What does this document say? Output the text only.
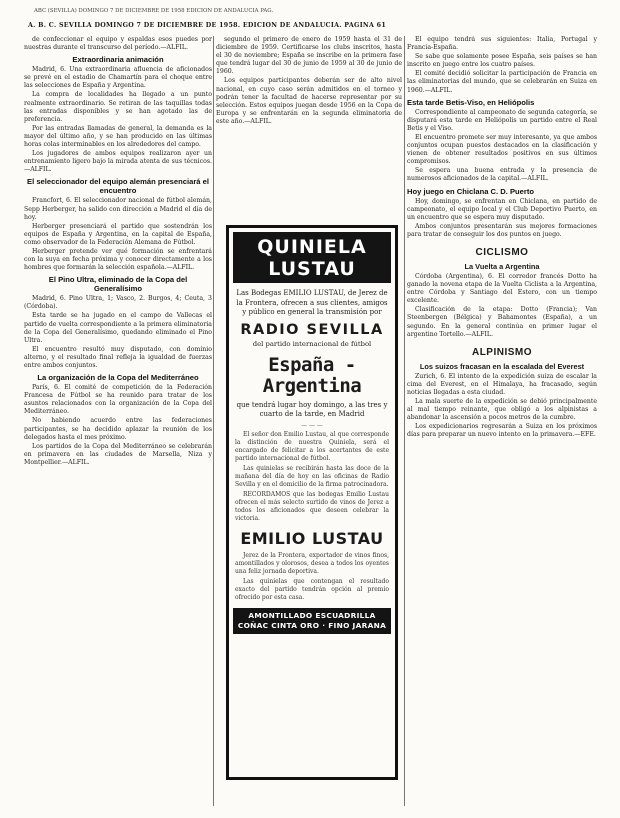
ABC (SEVILLA) DOMINGO 7 DE DICIEMBRE DE 1958 EDICION DE ANDALUCIA PAG.
A. B. C. SEVILLA DOMINGO 7 DE DICIEMBRE DE 1958. EDICION DE ANDALUCIA. PAGINA 61

de confeccionar el equipo y espaldas esos puedes por nuestras durante el transcurso del período.—ALFIL.

Extraordinaria animación

Madrid, 6. Una extraordinaria afluencia de aficionados se prevé en el estadio de Chamartín para el choque entre las selecciones de España y Argentina.

La compra de localidades ha llegado a un punto realmente extraordinario. Se retiran de las taquillas todas las entradas disponibles y se han agotado las de preferencia.

Por las entradas llamadas de general, la demanda es la mayor del último año, y se han producido en las últimas horas colas interminables en los alrededores del campo.

Los jugadores de ambos equipos realizaron ayer un entrenamiento ligero bajo la mirada atenta de sus técnicos.—ALFIL.

El seleccionador del equipo alemán presenciará el encuentro

Francfort, 6. El seleccionador nacional de fútbol alemán, Sepp Herberger, ha salido con dirección a Madrid el día de hoy.

Herberger presenciará el partido que sostendrán los equipos de España y Argentina, en la capital de España, como observador de la Federación Alemana de Fútbol.

Herberger pretende ver qué formación se enfrentará con la suya en fecha próxima y conocer directamente a los hombres que formarán la selección española.—ALFIL.

El Pino Ultra, eliminado de la Copa del Generalísimo

Madrid, 6. Pino Ultra, 1; Vasco, 2. Burgos, 4; Ceuta, 3 (Córdoba).

Esta tarde se ha jugado en el campo de Vallecas el partido de vuelta correspondiente a la primera eliminatoria de la Copa del Generalísimo, quedando eliminado el Pino Ultra.

El encuentro resultó muy disputado, con dominio alterno, y el resultado final refleja la igualdad de fuerzas entre ambos conjuntos.

La organización de la Copa del Mediterráneo

París, 6. El comité de competición de la Federación Francesa de Fútbol se ha reunido para tratar de los asuntos relacionados con la organización de la Copa del Mediterráneo.

No habiendo acuerdo entre las federaciones participantes, se ha decidido aplazar la reunión de los delegados hasta el mes próximo.

Los partidos de la Copa del Mediterráneo se celebrarán en primavera en las ciudades de Marsella, Niza y Montpellier.—ALFIL.

segundo el primero de enero de 1959 hasta el 31 de diciembre de 1959. Certificarse los clubs inscritos, hasta el 30 de noviembre; España se inscribe en la primera fase que tendrá lugar del 30 de junio de 1959 al 30 de junio de 1960.

Los equipos participantes deberán ser de alto nivel nacional, en cuyo caso serán admitidos en el torneo y podrán tener la facultad de hacerse representar por su selección. Estos equipos juegan desde 1956 en la Copa de Europa y se enfrentarán en la segunda eliminatoria de este año.—ALFIL.

QUINIELA LUSTAU
Las Bodegas EMILIO LUSTAU, de Jerez de la Frontera, ofrecen a sus clientes, amigos y público en general la transmisión por
RADIO SEVILLA
del partido internacional de fútbol
España - Argentina
que tendrá lugar hoy domingo, a las tres y cuarto de la tarde, en Madrid
— — —

El señor don Emilio Lustau, al que corresponde la distinción de nuestra Quiniela, será el encargado de felicitar a los acertantes de este partido internacional de fútbol.

Las quinielas se recibirán hasta las doce de la mañana del día de hoy en las oficinas de Radio Sevilla y en el domicilio de la firma patrocinadora.

RECORDAMOS que las bodegas Emilio Lustau ofrecen el más selecto surtido de vinos de Jerez a todos los aficionados que deseen celebrar la victoria.

EMILIO LUSTAU

Jerez de la Frontera, exportador de vinos finos, amontillados y olorosos, desea a todos los oyentes una feliz jornada deportiva.

Las quinielas que contengan el resultado exacto del partido tendrán opción al premio ofrecido por esta casa.

AMONTILLADO ESCUADRILLA
COÑAC CINTA ORO · FINO JARANA

El equipo tendrá sus siguientes: Italia, Portugal y Francia-España.

Se sabe que solamente posee España, seis países se han inscrito en juego entre los cuatro países.

El comité decidió solicitar la participación de Francia en las eliminatorias del mundo, que se celebrarán en Suiza en 1960.—ALFIL.

Esta tarde Betis-Viso, en Heliópolis

Correspondiente al campeonato de segunda categoría, se disputará esta tarde en Heliópolis un partido entre el Real Betis y el Viso.

El encuentro promete ser muy interesante, ya que ambos conjuntos ocupan puestos destacados en la clasificación y vienen de obtener resultados positivos en sus últimos compromisos.

Se espera una buena entrada y la presencia de numerosos aficionados de la capital.—ALFIL.

Hoy juego en Chiclana C. D. Puerto

Hoy, domingo, se enfrentan en Chiclana, en partido de campeonato, el equipo local y el Club Deportivo Puerto, en un encuentro que se espera muy disputado.

Ambos conjuntos presentarán sus mejores formaciones para tratar de conseguir los dos puntos en juego.

CICLISMO
La Vuelta a Argentina

Córdoba (Argentina), 6. El corredor francés Dotto ha ganado la novena etapa de la Vuelta Ciclista a la Argentina, entre Córdoba y Santiago del Estero, con un tiempo excelente.

Clasificación de la etapa: Dotto (Francia); Van Steenbergen (Bélgica) y Bahamontes (España), a un segundo. En la general continúa en primer lugar el argentino Tortello.—ALFIL.

ALPINISMO
Los suizos fracasan en la escalada del Everest

Zurich, 6. El intento de la expedición suiza de escalar la cima del Everest, en el Himalaya, ha fracasado, según noticias llegadas a esta ciudad.

La mala suerte de la expedición se debió principalmente al mal tiempo reinante, que obligó a los alpinistas a abandonar la ascensión a pocos metros de la cumbre.

Los expedicionarios regresarán a Suiza en los próximos días para preparar un nuevo intento en la primavera.—EFE.
